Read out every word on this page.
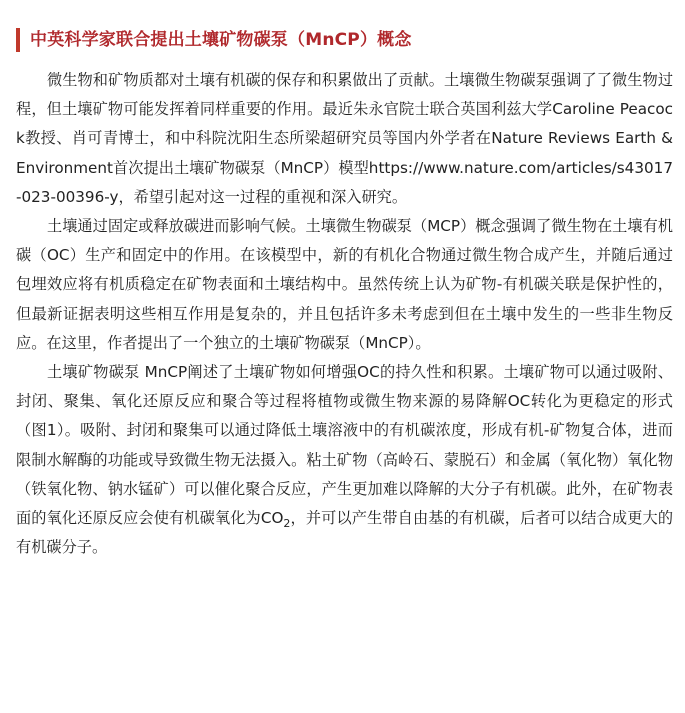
中英科学家联合提出土壤矿物碳泵（MnCP）概念

微生物和矿物质都对土壤有机碳的保存和积累做出了贡献。土壤微生物碳泵强调了了微生物过程，但土壤矿物可能发挥着同样重要的作用。最近朱永官院士联合英国利兹大学Caroline Peacock教授、肖可青博士，和中科院沈阳生态所梁超研究员等国内外学者在Nature Reviews Earth & Environment首次提出土壤矿物碳泵（MnCP）模型https://www.nature.com/articles/s43017-023-00396-y，希望引起对这一过程的重视和深入研究。

土壤通过固定或释放碳进而影响气候。土壤微生物碳泵（MCP）概念强调了微生物在土壤有机碳（OC）生产和固定中的作用。在该模型中，新的有机化合物通过微生物合成产生，并随后通过包埋效应将有机质稳定在矿物表面和土壤结构中。虽然传统上认为矿物-有机碳关联是保护性的，但最新证据表明这些相互作用是复杂的，并且包括许多未考虑到但在土壤中发生的一些非生物反应。在这里，作者提出了一个独立的土壤矿物碳泵（MnCP）。

土壤矿物碳泵 MnCP阐述了土壤矿物如何增强OC的持久性和积累。土壤矿物可以通过吸附、封闭、聚集、氧化还原反应和聚合等过程将植物或微生物来源的易降解OC转化为更稳定的形式（图1）。吸附、封闭和聚集可以通过降低土壤溶液中的有机碳浓度，形成有机-矿物复合体，进而限制水解酶的功能或导致微生物无法摄入。粘土矿物（高岭石、蒙脱石）和金属（氧化物）氧化物（铁氧化物、钠水锰矿）可以催化聚合反应，产生更加难以降解的大分子有机碳。此外，在矿物表面的氧化还原反应会使有机碳氧化为$CO_2$，并可以产生带自由基的有机碳，后者可以结合成更大的有机碳分子。
